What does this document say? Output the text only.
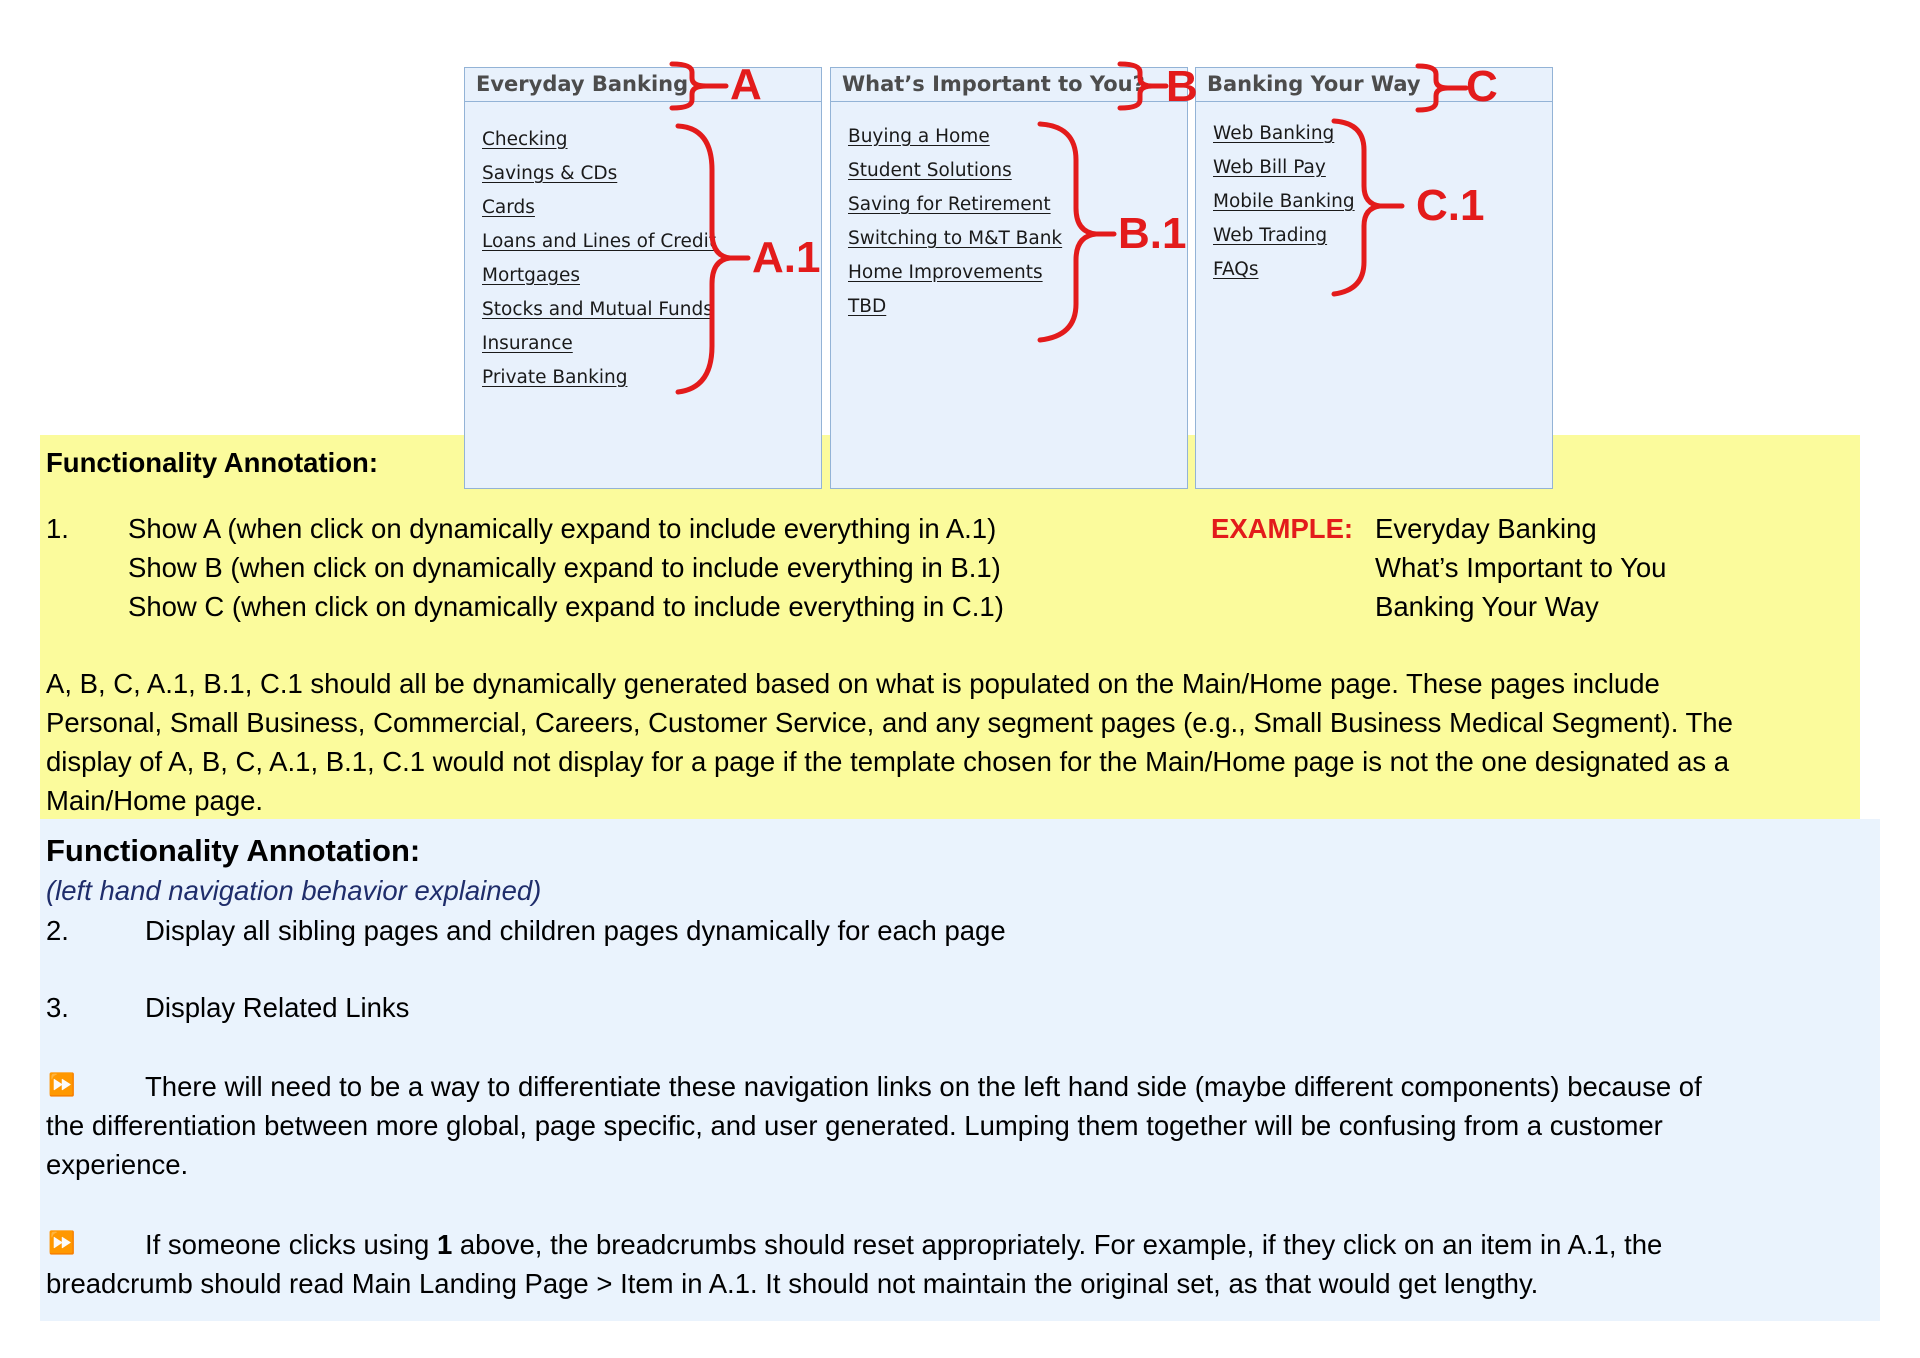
Everyday Banking
Checking
Savings & CDs
Cards
Loans and Lines of Credit
Mortgages
Stocks and Mutual Funds
Insurance
Private Banking
What’s Important to You?
Buying a Home
Student Solutions
Saving for Retirement
Switching to M&T Bank
Home Improvements
TBD
Banking Your Way
Web Banking
Web Bill Pay
Mobile Banking
Web Trading
FAQs
A
A.1
B
B.1
C
C.1
Functionality Annotation:
1. Show A (when click on dynamically expand to include everything in A.1)
Show B (when click on dynamically expand to include everything in B.1)
Show C (when click on dynamically expand to include everything in C.1)
EXAMPLE: Everyday Banking
What’s Important to You
Banking Your Way
A, B, C, A.1, B.1, C.1 should all be dynamically generated based on what is populated on the Main/Home page. These pages include
Personal, Small Business, Commercial, Careers, Customer Service, and any segment pages (e.g., Small Business Medical Segment). The
display of A, B, C, A.1, B.1, C.1 would not display for a page if the template chosen for the Main/Home page is not the one designated as a
Main/Home page.
Functionality Annotation:
(left hand navigation behavior explained)
2.	Display all sibling pages and children pages dynamically for each page
3.	Display Related Links
⏩	There will need to be a way to differentiate these navigation links on the left hand side (maybe different components) because of
the differentiation between more global, page specific, and user generated. Lumping them together will be confusing from a customer
experience.
⏩	If someone clicks using 1 above, the breadcrumbs should reset appropriately. For example, if they click on an item in A.1, the
breadcrumb should read Main Landing Page > Item in A.1. It should not maintain the original set, as that would get lengthy.
